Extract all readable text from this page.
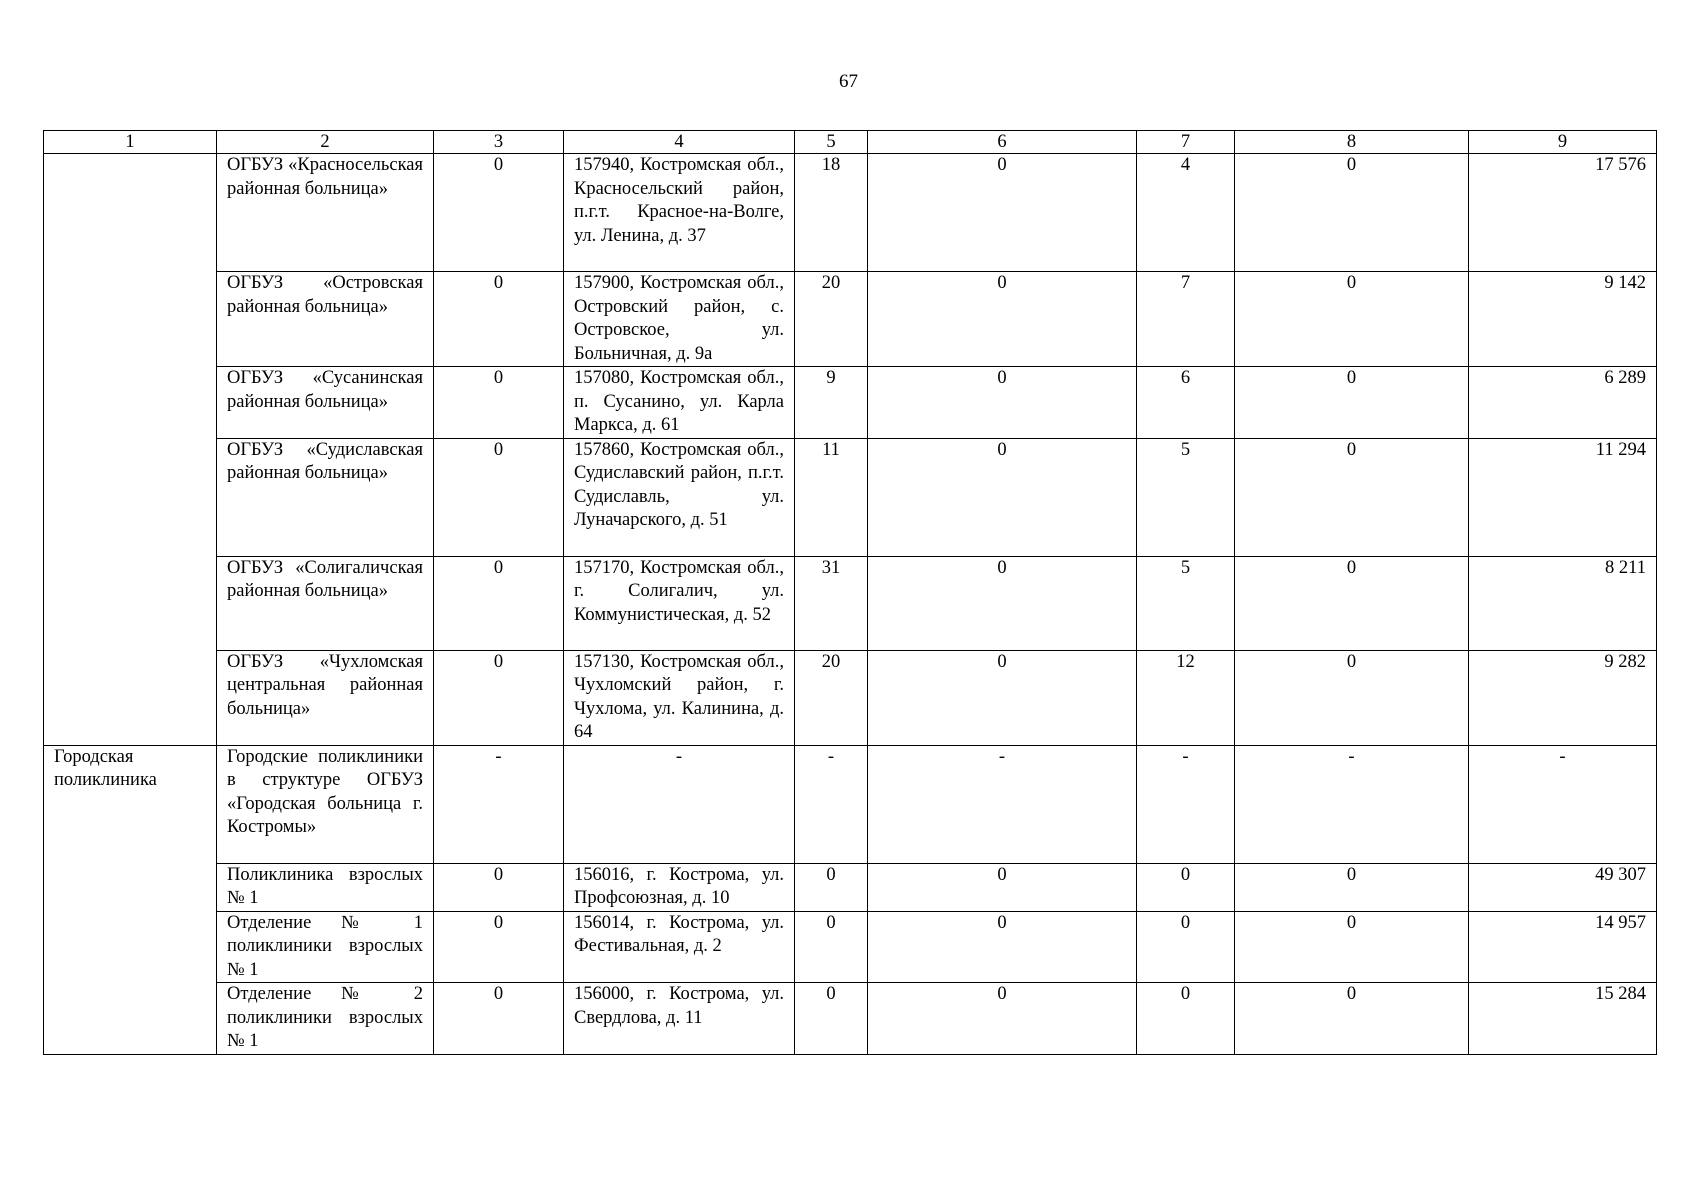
67
1	2	3	4	5	6	7	8	9
	ОГБУЗ «Красносельская районная больница»	0	157940, Костромская обл., Красносельский район, п.г.т. Красное-на-Волге, ул. Ленина, д. 37	18	0	4	0	17 576
	ОГБУЗ «Островская районная больница»	0	157900, Костромская обл., Островский район, с. Островское, ул. Больничная, д. 9а	20	0	7	0	9 142
	ОГБУЗ «Сусанинская районная больница»	0	157080, Костромская обл., п. Сусанино, ул. Карла Маркса, д. 61	9	0	6	0	6 289
	ОГБУЗ «Судиславская районная больница»	0	157860, Костромская обл., Судиславский район, п.г.т. Судиславль, ул. Луначарского, д. 51	11	0	5	0	11 294
	ОГБУЗ «Солигаличская районная больница»	0	157170, Костромская обл., г. Солигалич, ул. Коммунистическая, д. 52	31	0	5	0	8 211
	ОГБУЗ «Чухломская центральная районная больница»	0	157130, Костромская обл., Чухломский район, г. Чухлома, ул. Калинина, д. 64	20	0	12	0	9 282
Городская поликлиника	Городские поликлиники в структуре ОГБУЗ «Городская больница г. Костромы»	-	-	-	-	-	-	-
	Поликлиника взрослых № 1	0	156016, г. Кострома, ул. Профсоюзная, д. 10	0	0	0	0	49 307
	Отделение № 1 поликлиники взрослых № 1	0	156014, г. Кострома, ул. Фестивальная, д. 2	0	0	0	0	14 957
	Отделение № 2 поликлиники взрослых № 1	0	156000, г. Кострома, ул. Свердлова, д. 11	0	0	0	0	15 284
